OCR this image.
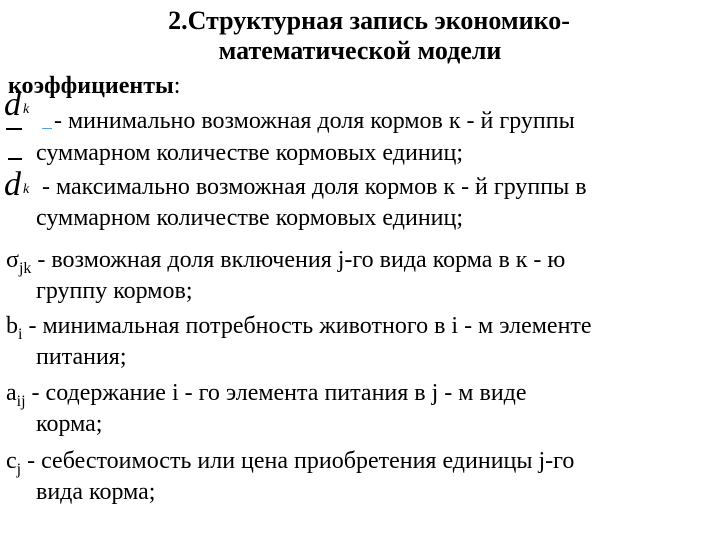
2.Структурная запись экономико-
математической модели
коэффициенты:
dk - минимально возможная доля кормов к - й группы
суммарном количестве кормовых единиц;
dk - максимально возможная доля кормов к - й группы в
суммарном количестве кормовых единиц;
$\sigma_{jk}$ - возможная доля включения j-го вида корма в к - ю
группу кормов;
$b_i$ - минимальная потребность животного в i - м элементе
питания;
$a_{ij}$ - содержание i - го элемента питания в j - м виде
корма;
$c_j$ - себестоимость или цена приобретения единицы j-го
вида корма;
